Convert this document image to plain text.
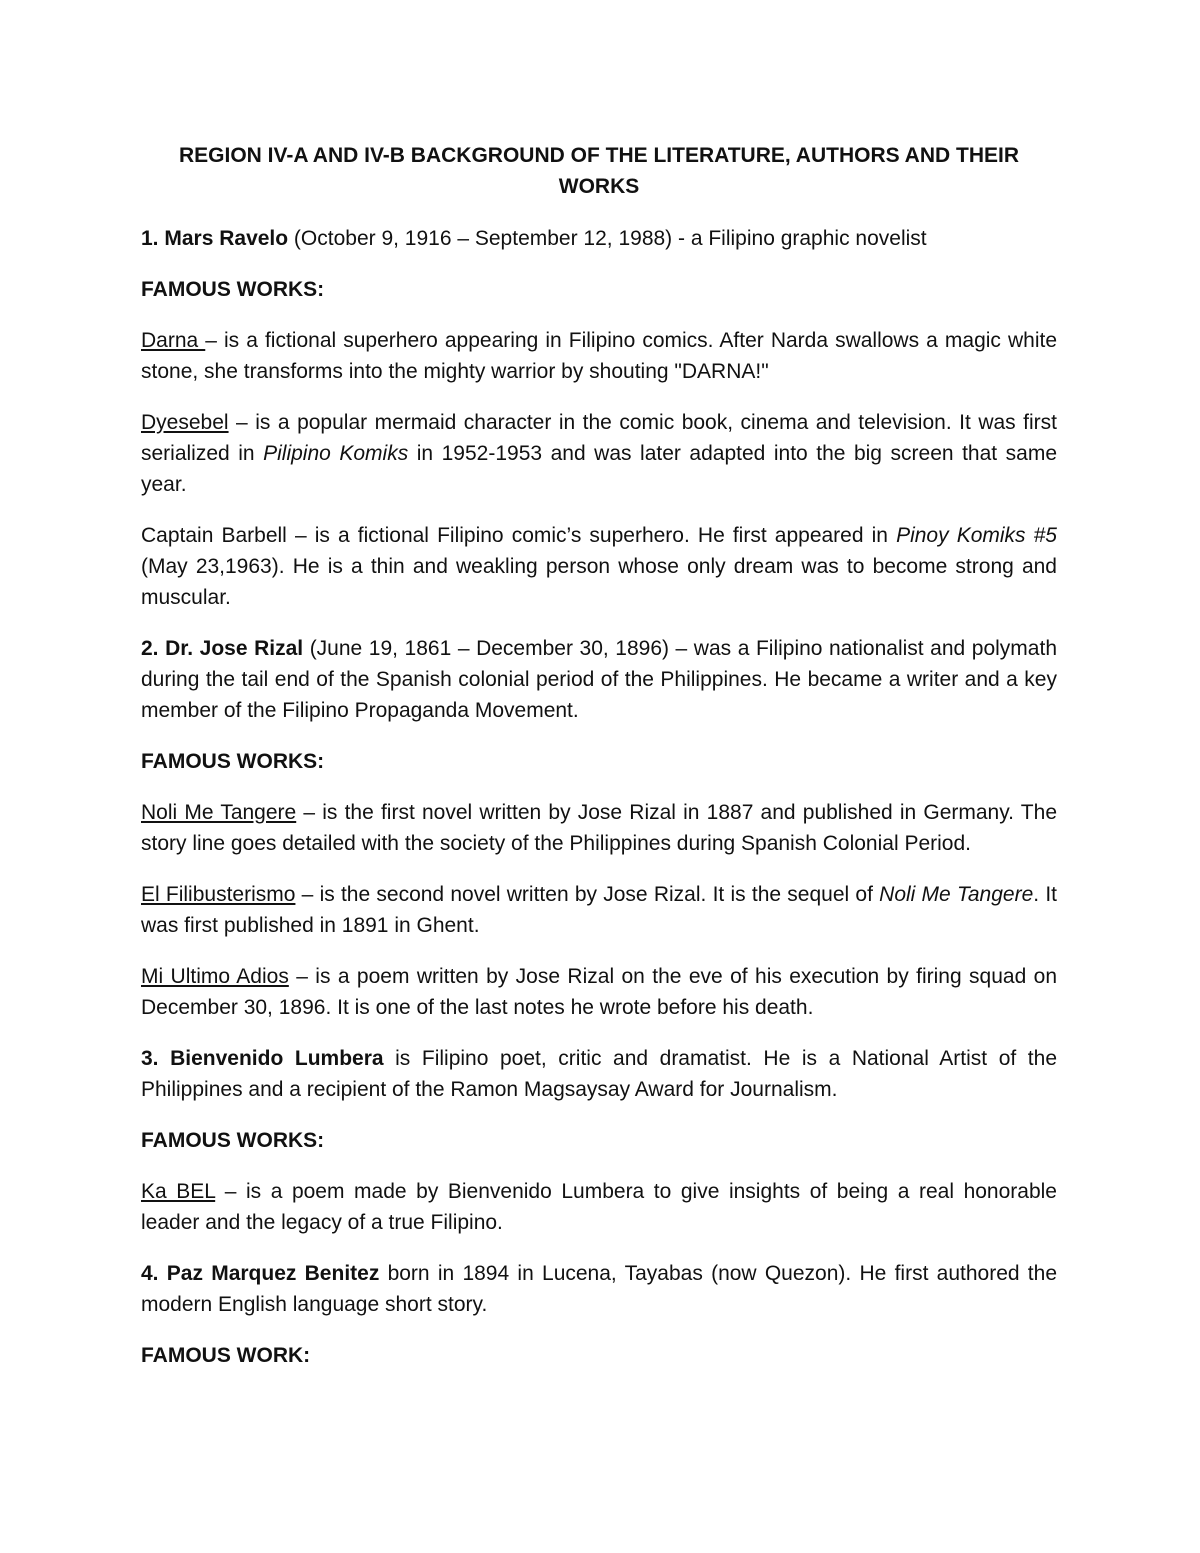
REGION IV-A AND IV-B BACKGROUND OF THE LITERATURE, AUTHORS AND THEIR WORKS

1. Mars Ravelo (October 9, 1916 – September 12, 1988) - a Filipino graphic novelist

FAMOUS WORKS:

Darna – is a fictional superhero appearing in Filipino comics. After Narda swallows a magic white stone, she transforms into the mighty warrior by shouting "DARNA!"

Dyesebel – is a popular mermaid character in the comic book, cinema and television. It was first serialized in Pilipino Komiks in 1952-1953 and was later adapted into the big screen that same year.

Captain Barbell – is a fictional Filipino comic’s superhero. He first appeared in Pinoy Komiks #5 (May 23,1963). He is a thin and weakling person whose only dream was to become strong and muscular.

2. Dr. Jose Rizal (June 19, 1861 – December 30, 1896) – was a Filipino nationalist and polymath during the tail end of the Spanish colonial period of the Philippines. He became a writer and a key member of the Filipino Propaganda Movement.

FAMOUS WORKS:

Noli Me Tangere – is the first novel written by Jose Rizal in 1887 and published in Germany. The story line goes detailed with the society of the Philippines during Spanish Colonial Period.

El Filibusterismo – is the second novel written by Jose Rizal. It is the sequel of Noli Me Tangere. It was first published in 1891 in Ghent.

Mi Ultimo Adios – is a poem written by Jose Rizal on the eve of his execution by firing squad on December 30, 1896. It is one of the last notes he wrote before his death.

3. Bienvenido Lumbera is Filipino poet, critic and dramatist. He is a National Artist of the Philippines and a recipient of the Ramon Magsaysay Award for Journalism.

FAMOUS WORKS:

Ka BEL – is a poem made by Bienvenido Lumbera to give insights of being a real honorable leader and the legacy of a true Filipino.

4. Paz Marquez Benitez born in 1894 in Lucena, Tayabas (now Quezon). He first authored the modern English language short story.

FAMOUS WORK:
